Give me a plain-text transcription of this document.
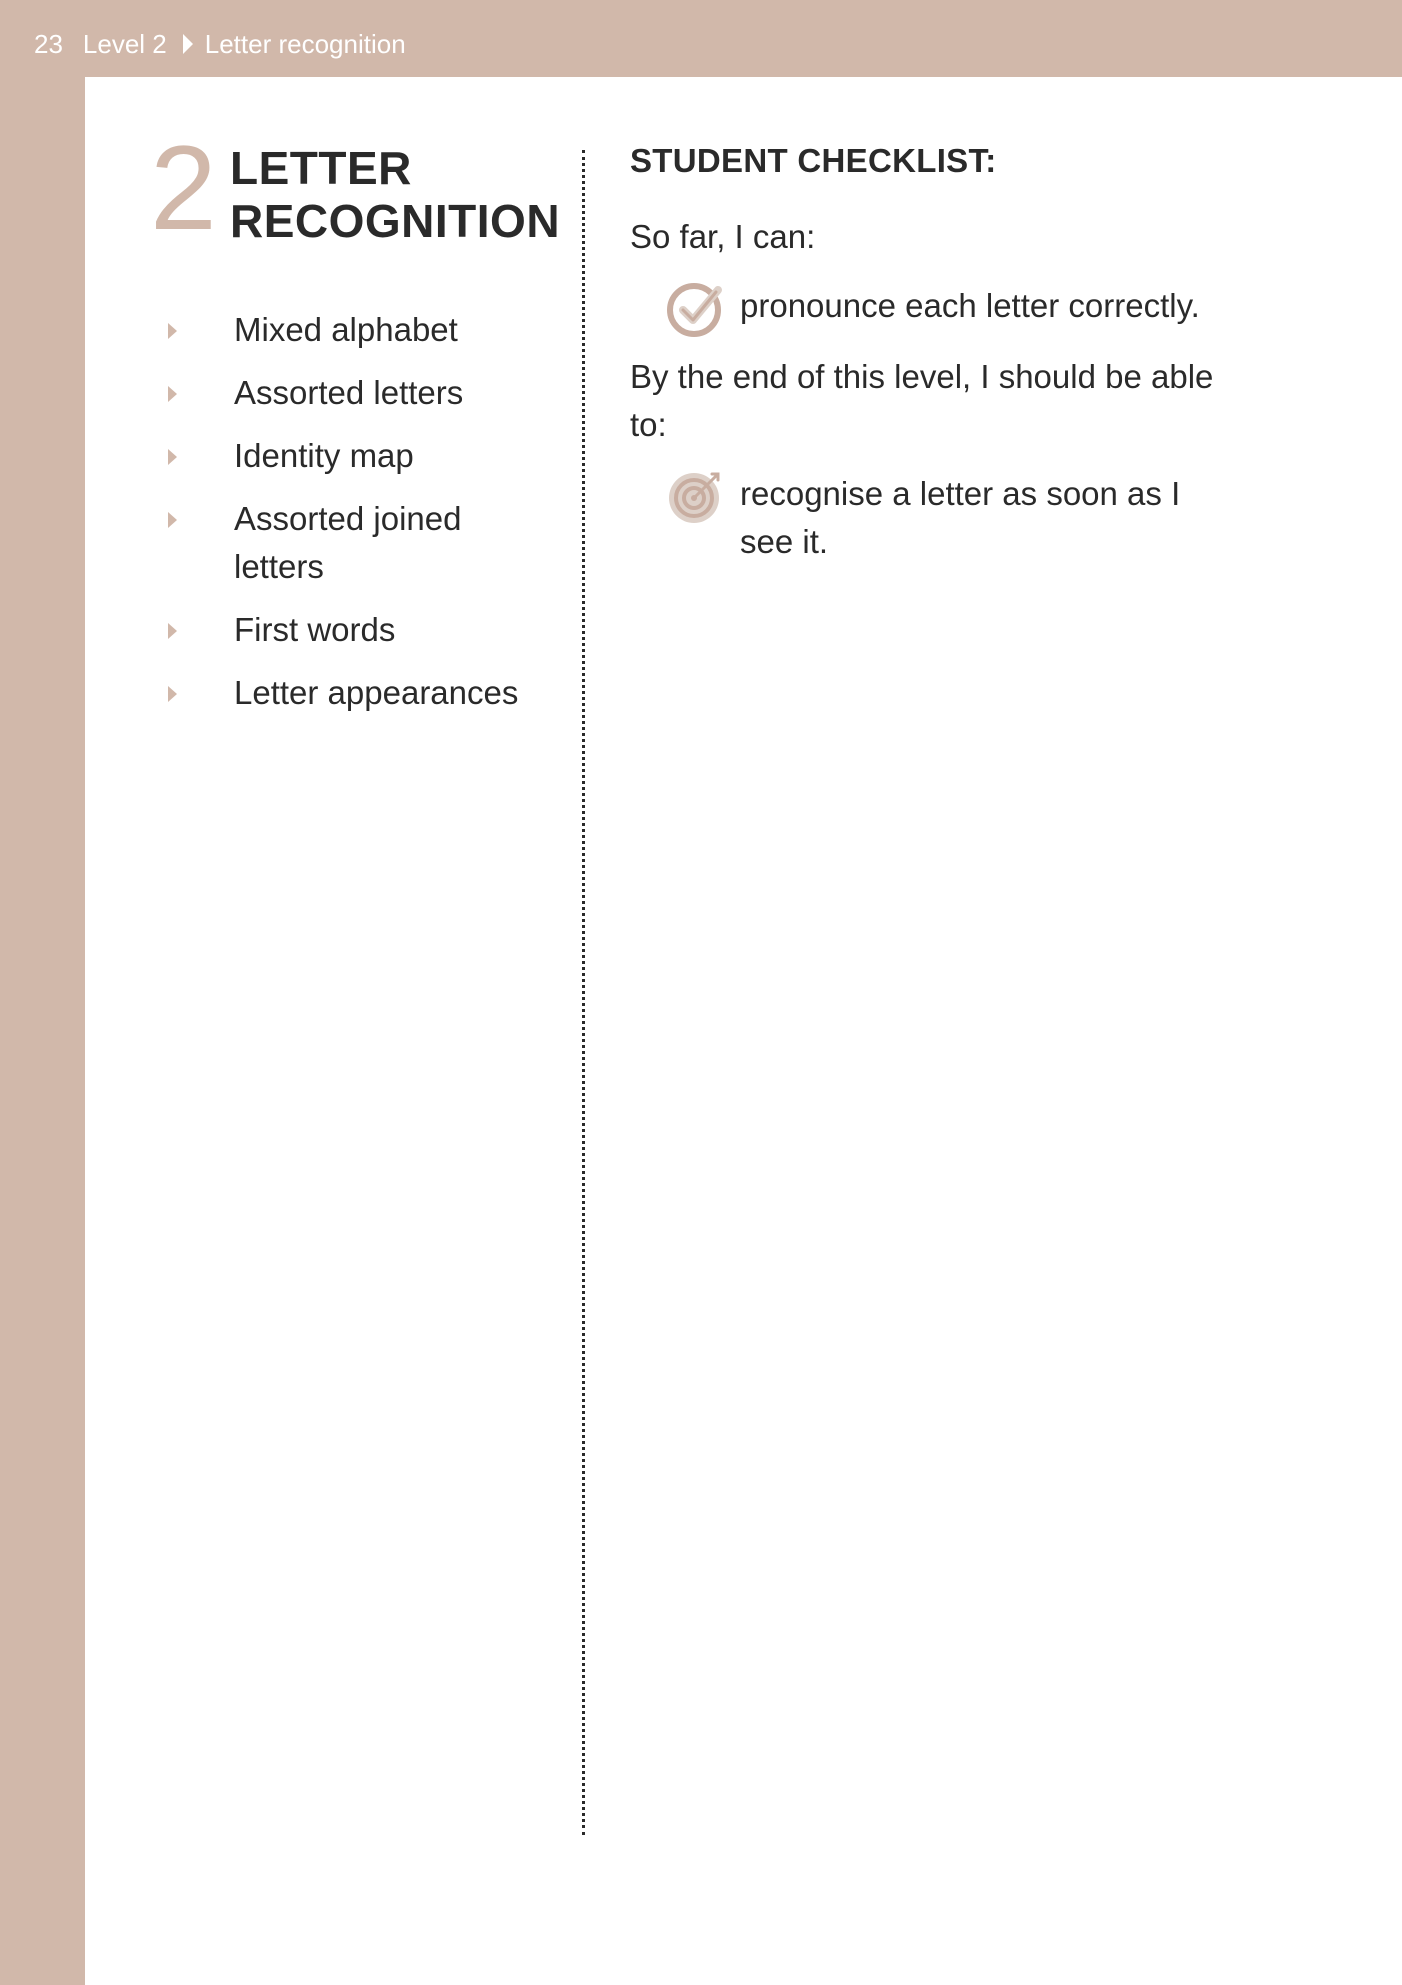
23 Level 2 Letter recognition
2 LETTER
RECOGNITION
Mixed alphabet
Assorted letters
Identity map
Assorted joined letters
First words
Letter appearances
STUDENT CHECKLIST:
So far, I can:
pronounce each letter correctly.
By the end of this level, I should be able to:
recognise a letter as soon as I see it.
